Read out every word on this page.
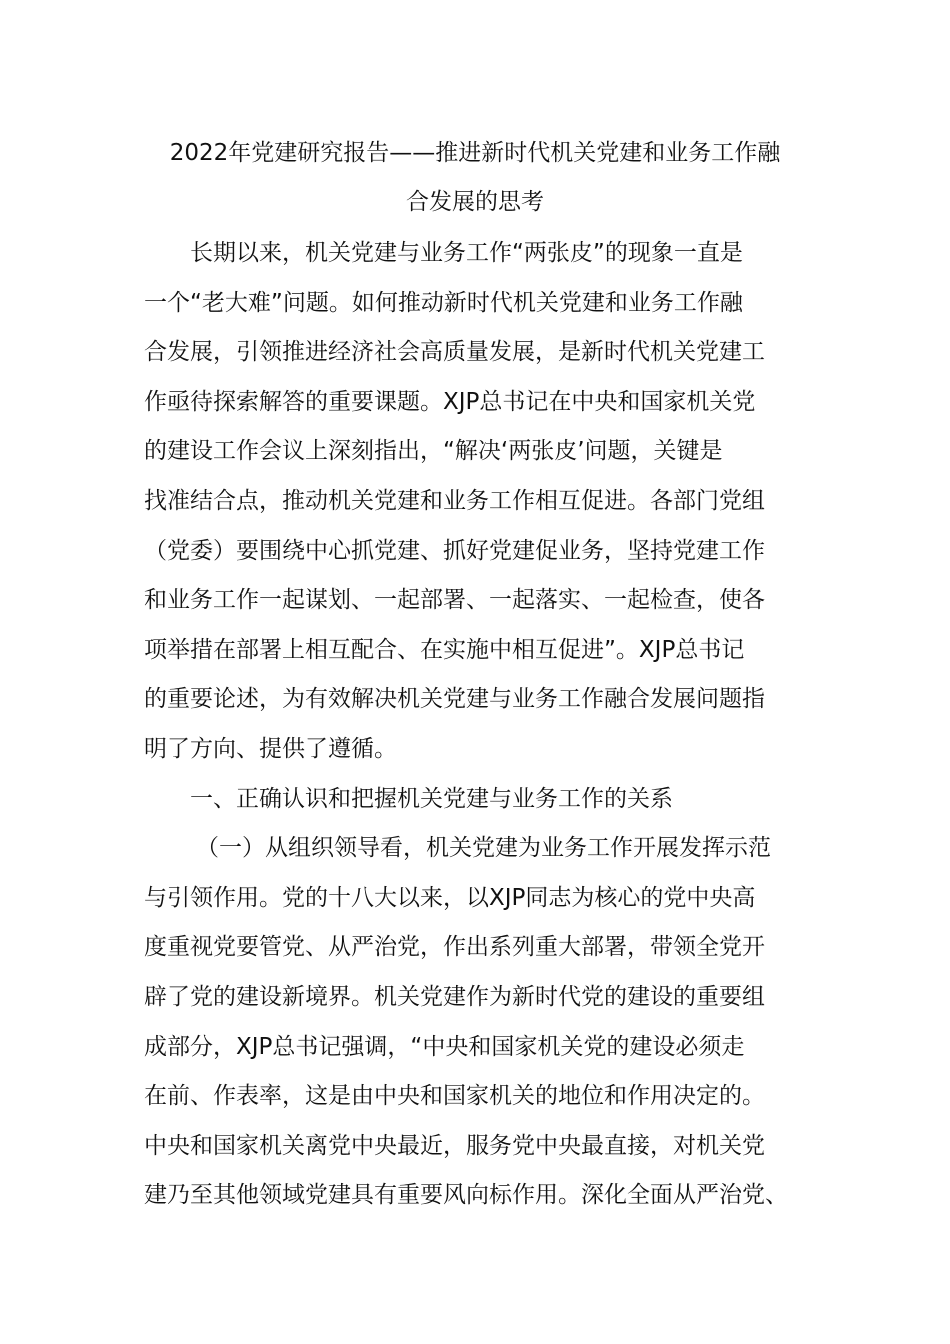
2022年党建研究报告——推进新时代机关党建和业务工作融
合发展的思考
长期以来，机关党建与业务工作“两张皮”的现象一直是
一个“老大难”问题。如何推动新时代机关党建和业务工作融
合发展，引领推进经济社会高质量发展，是新时代机关党建工
作亟待探索解答的重要课题。XJP总书记在中央和国家机关党
的建设工作会议上深刻指出，“解决‘两张皮’问题，关键是
找准结合点，推动机关党建和业务工作相互促进。各部门党组
（党委）要围绕中心抓党建、抓好党建促业务，坚持党建工作
和业务工作一起谋划、一起部署、一起落实、一起检查，使各
项举措在部署上相互配合、在实施中相互促进”。XJP总书记
的重要论述，为有效解决机关党建与业务工作融合发展问题指
明了方向、提供了遵循。
一、正确认识和把握机关党建与业务工作的关系
（一）从组织领导看，机关党建为业务工作开展发挥示范
与引领作用。党的十八大以来，以XJP同志为核心的党中央高
度重视党要管党、从严治党，作出系列重大部署，带领全党开
辟了党的建设新境界。机关党建作为新时代党的建设的重要组
成部分，XJP总书记强调，“中央和国家机关党的建设必须走
在前、作表率，这是由中央和国家机关的地位和作用决定的。
中央和国家机关离党中央最近，服务党中央最直接，对机关党
建乃至其他领域党建具有重要风向标作用。深化全面从严治党、
